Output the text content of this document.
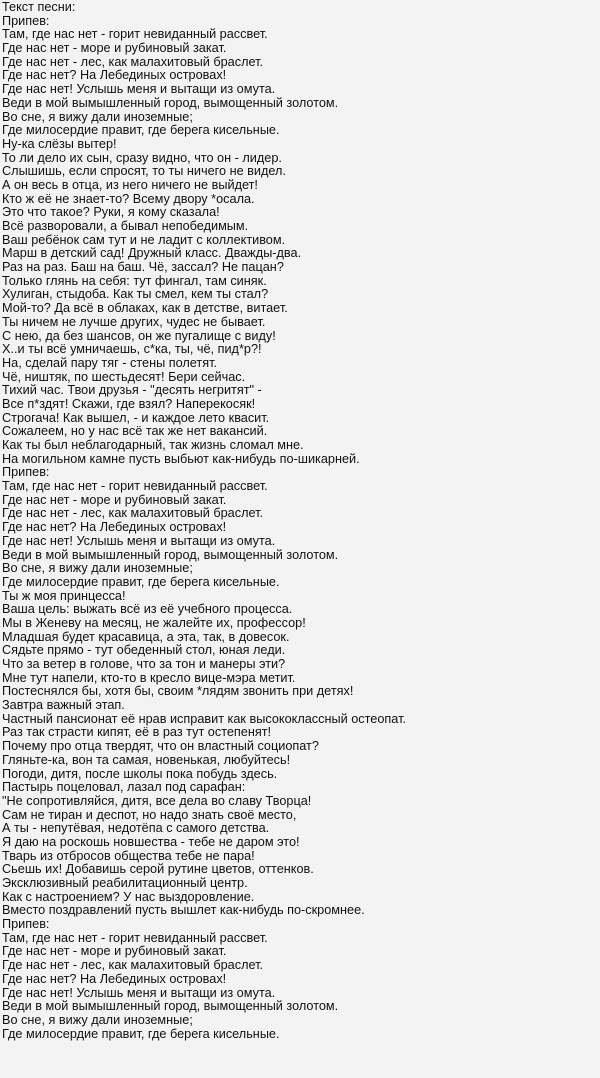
Текст песни:
Припев:
Там, где нас нет - горит невиданный рассвет.
Где нас нет - море и рубиновый закат.
Где нас нет - лес, как малахитовый браслет.
Где нас нет? На Лебединых островах!
Где нас нет! Услышь меня и вытащи из омута.
Веди в мой вымышленный город, вымощенный золотом.
Во сне, я вижу дали иноземные;
Где милосердие правит, где берега кисельные.
Ну-ка слёзы вытер!
То ли дело их сын, сразу видно, что он - лидер.
Слышишь, если спросят, то ты ничего не видел.
А он весь в отца, из него ничего не выйдет!
Кто ж её не знает-то? Всему двору *осала.
Это что такое? Руки, я кому сказала!
Всё разворовали, а бывал непобедимым.
Ваш ребёнок сам тут и не ладит с коллективом.
Марш в детский сад! Дружный класс. Дважды-два.
Раз на раз. Баш на баш. Чё, зассал? Не пацан?
Только глянь на себя: тут фингал, там синяк.
Хулиган, стыдоба. Как ты смел, кем ты стал?
Мой-то? Да всё в облаках, как в детстве, витает.
Ты ничем не лучше других, чудес не бывает.
С нею, да без шансов, он же пугалище с виду!
Х..и ты всё умничаешь, с*ка, ты, чё, пид*р?!
На, сделай пару тяг - стены полетят.
Чё, ништяк, по шестьдесят! Бери сейчас.
Тихий час. Твои друзья - "десять негритят" -
Все п*здят! Скажи, где взял? Наперекосяк!
Строгача! Как вышел, - и каждое лето квасит.
Сожалеем, но у нас всё так же нет вакансий.
Как ты был неблагодарный, так жизнь сломал мне.
На могильном камне пусть выбьют как-нибудь по-шикарней.
Припев:
Там, где нас нет - горит невиданный рассвет.
Где нас нет - море и рубиновый закат.
Где нас нет - лес, как малахитовый браслет.
Где нас нет? На Лебединых островах!
Где нас нет! Услышь меня и вытащи из омута.
Веди в мой вымышленный город, вымощенный золотом.
Во сне, я вижу дали иноземные;
Где милосердие правит, где берега кисельные.
Ты ж моя принцесса!
Ваша цель: выжать всё из её учебного процесса.
Мы в Женеву на месяц, не жалейте их, профессор!
Младшая будет красавица, а эта, так, в довесок.
Сядьте прямо - тут обеденный стол, юная леди.
Что за ветер в голове, что за тон и манеры эти?
Мне тут напели, кто-то в кресло вице-мэра метит.
Постеснялся бы, хотя бы, своим *лядям звонить при детях!
Завтра важный этап.
Частный пансионат её нрав исправит как высококлассный остеопат.
Раз так страсти кипят, её в раз тут остепенят!
Почему про отца твердят, что он властный социопат?
Гляньте-ка, вон та самая, новенькая, любуйтесь!
Погоди, дитя, после школы пока побудь здесь.
Пастырь поцеловал, лазал под сарафан:
"Не сопротивляйся, дитя, все дела во славу Творца!
Сам не тиран и деспот, но надо знать своё место,
А ты - непутёвая, недотёпа с самого детства.
Я даю на роскошь новшества - тебе не даром это!
Тварь из отбросов общества тебе не пара!
Сьешь их! Добавишь серой рутине цветов, оттенков.
Эксклюзивный реабилитационный центр.
Как с настроением? У нас выздоровление.
Вместо поздравлений пусть вышлет как-нибудь по-скромнее.
Припев:
Там, где нас нет - горит невиданный рассвет.
Где нас нет - море и рубиновый закат.
Где нас нет - лес, как малахитовый браслет.
Где нас нет? На Лебединых островах!
Где нас нет! Услышь меня и вытащи из омута.
Веди в мой вымышленный город, вымощенный золотом.
Во сне, я вижу дали иноземные;
Где милосердие правит, где берега кисельные.
